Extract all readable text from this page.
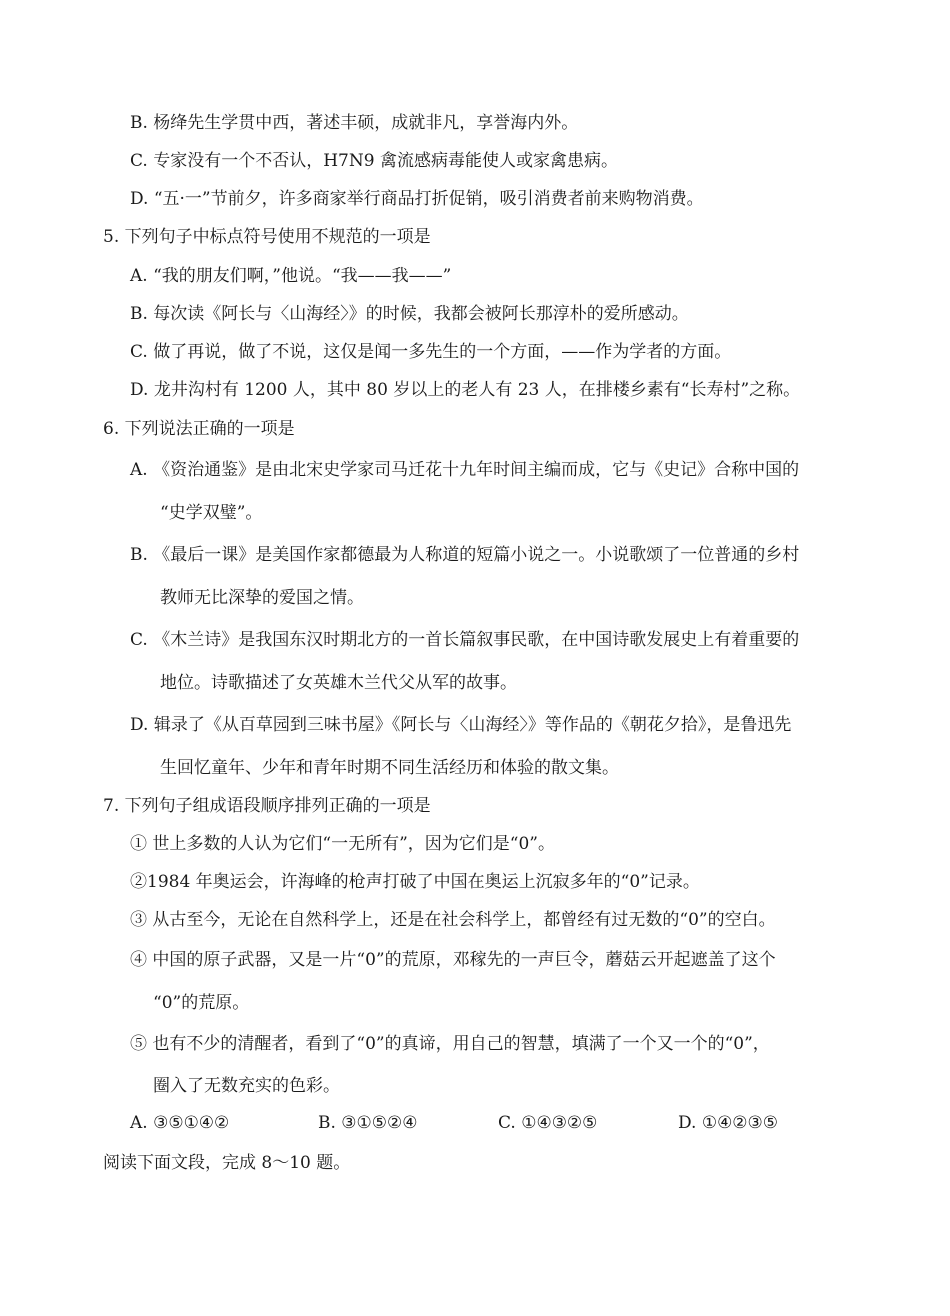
B. 杨绛先生学贯中西，著述丰硕，成就非凡，享誉海内外。
C. 专家没有一个不否认，H7N9 禽流感病毒能使人或家禽患病。
D. “五·一”节前夕，许多商家举行商品打折促销，吸引消费者前来购物消费。
5. 下列句子中标点符号使用不规范的一项是
A. “我的朋友们啊，”他说。“我——我——”
B. 每次读《阿长与〈山海经〉》的时候，我都会被阿长那淳朴的爱所感动。
C. 做了再说，做了不说，这仅是闻一多先生的一个方面，——作为学者的方面。
D. 龙井沟村有 1200 人，其中 80 岁以上的老人有 23 人，在排楼乡素有“长寿村”之称。
6. 下列说法正确的一项是
A. 《资治通鉴》是由北宋史学家司马迁花十九年时间主编而成，它与《史记》合称中国的
“史学双璧”。
B. 《最后一课》是美国作家都德最为人称道的短篇小说之一。小说歌颂了一位普通的乡村
教师无比深挚的爱国之情。
C. 《木兰诗》是我国东汉时期北方的一首长篇叙事民歌，在中国诗歌发展史上有着重要的
地位。诗歌描述了女英雄木兰代父从军的故事。
D. 辑录了《从百草园到三味书屋》《阿长与〈山海经〉》等作品的《朝花夕拾》，是鲁迅先
生回忆童年、少年和青年时期不同生活经历和体验的散文集。
7. 下列句子组成语段顺序排列正确的一项是
① 世上多数的人认为它们“一无所有”，因为它们是“0”。
②1984 年奥运会，许海峰的枪声打破了中国在奥运上沉寂多年的“0”记录。
③ 从古至今，无论在自然科学上，还是在社会科学上，都曾经有过无数的“0”的空白。
④ 中国的原子武器，又是一片“0”的荒原，邓稼先的一声巨令，蘑菇云开起遮盖了这个
“0”的荒原。
⑤ 也有不少的清醒者，看到了“0”的真谛，用自己的智慧，填满了一个又一个的“0”，
圈入了无数充实的色彩。
A. ③⑤①④②	B. ③①⑤②④	C. ①④③②⑤	D. ①④②③⑤
阅读下面文段，完成 8～10 题。
